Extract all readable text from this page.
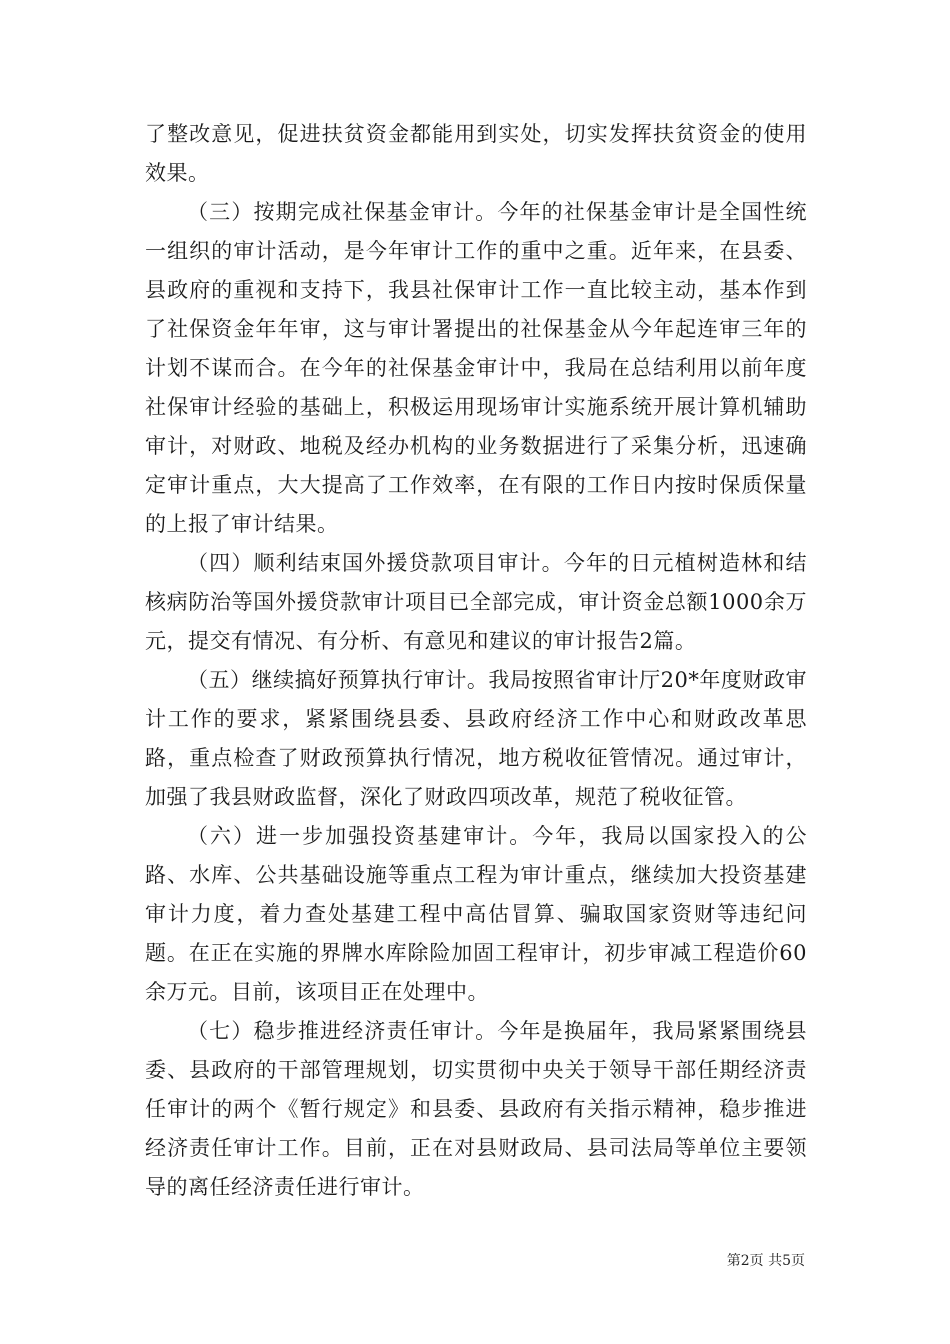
了整改意见，促进扶贫资金都能用到实处，切实发挥扶贫资金的使用效果。

（三）按期完成社保基金审计。今年的社保基金审计是全国性统一组织的审计活动，是今年审计工作的重中之重。近年来，在县委、县政府的重视和支持下，我县社保审计工作一直比较主动，基本作到了社保资金年年审，这与审计署提出的社保基金从今年起连审三年的计划不谋而合。在今年的社保基金审计中，我局在总结利用以前年度社保审计经验的基础上，积极运用现场审计实施系统开展计算机辅助审计，对财政、地税及经办机构的业务数据进行了采集分析，迅速确定审计重点，大大提高了工作效率，在有限的工作日内按时保质保量的上报了审计结果。

（四）顺利结束国外援贷款项目审计。今年的日元植树造林和结核病防治等国外援贷款审计项目已全部完成，审计资金总额1000余万元，提交有情况、有分析、有意见和建议的审计报告2篇。

（五）继续搞好预算执行审计。我局按照省审计厅20*年度财政审计工作的要求，紧紧围绕县委、县政府经济工作中心和财政改革思路，重点检查了财政预算执行情况，地方税收征管情况。通过审计，加强了我县财政监督，深化了财政四项改革，规范了税收征管。

（六）进一步加强投资基建审计。今年，我局以国家投入的公路、水库、公共基础设施等重点工程为审计重点，继续加大投资基建审计力度，着力查处基建工程中高估冒算、骗取国家资财等违纪问题。在正在实施的界牌水库除险加固工程审计，初步审减工程造价60余万元。目前，该项目正在处理中。

（七）稳步推进经济责任审计。今年是换届年，我局紧紧围绕县委、县政府的干部管理规划，切实贯彻中央关于领导干部任期经济责任审计的两个《暂行规定》和县委、县政府有关指示精神，稳步推进经济责任审计工作。目前，正在对县财政局、县司法局等单位主要领导的离任经济责任进行审计。

第2页 共5页
